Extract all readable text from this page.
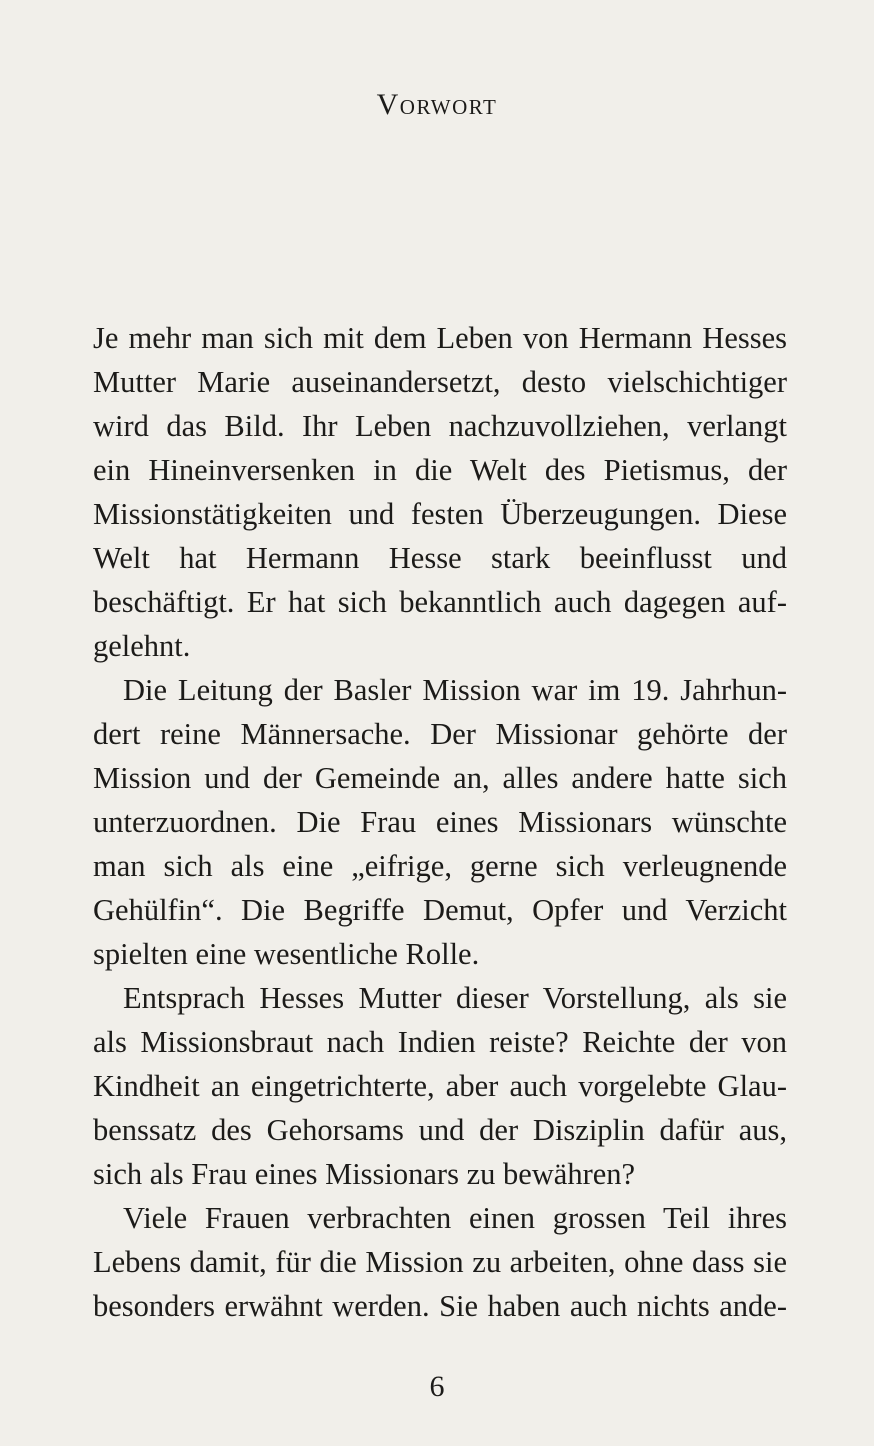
Vorwort

Je mehr man sich mit dem Leben von Hermann Hesses
Mutter Marie auseinandersetzt, desto vielschichtiger
wird das Bild. Ihr Leben nachzuvollziehen, verlangt
ein Hineinversenken in die Welt des Pietismus, der
Missionstätigkeiten und festen Überzeugungen. Diese
Welt hat Hermann Hesse stark beeinflusst und
beschäftigt. Er hat sich bekanntlich auch dagegen auf-
gelehnt.

Die Leitung der Basler Mission war im 19. Jahrhun-
dert reine Männersache. Der Missionar gehörte der
Mission und der Gemeinde an, alles andere hatte sich
unterzuordnen. Die Frau eines Missionars wünschte
man sich als eine „eifrige, gerne sich verleugnende
Gehülfin“. Die Begriffe Demut, Opfer und Verzicht
spielten eine wesentliche Rolle.

Entsprach Hesses Mutter dieser Vorstellung, als sie
als Missionsbraut nach Indien reiste? Reichte der von
Kindheit an eingetrichterte, aber auch vorgelebte Glau-
benssatz des Gehorsams und der Disziplin dafür aus,
sich als Frau eines Missionars zu bewähren?

Viele Frauen verbrachten einen grossen Teil ihres
Lebens damit, für die Mission zu arbeiten, ohne dass sie
besonders erwähnt werden. Sie haben auch nichts ande-

6
